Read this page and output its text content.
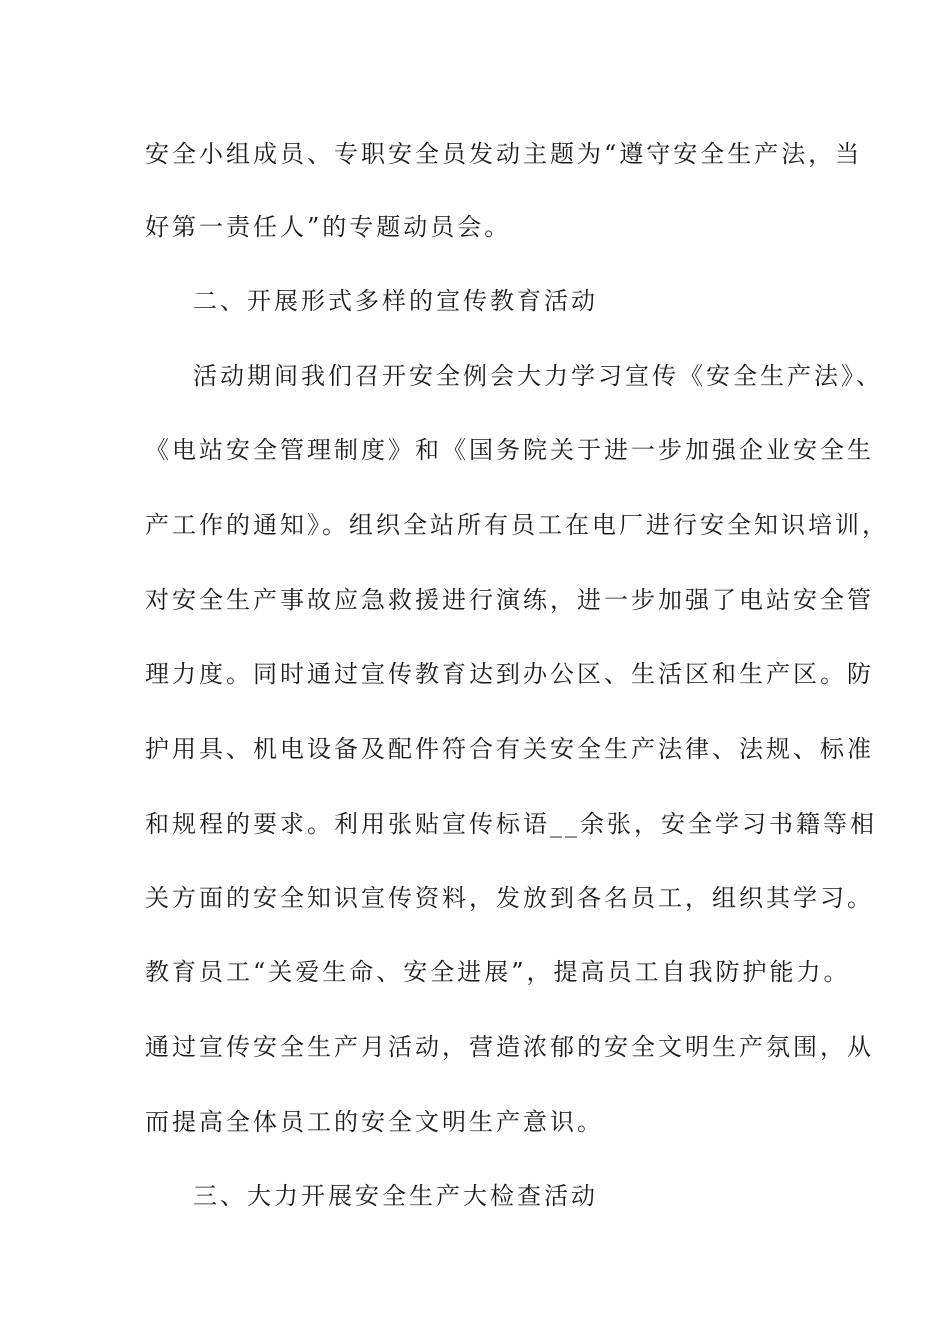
安全小组成员、专职安全员发动主题为“遵守安全生产法，当
好第一责任人”的专题动员会。
二、开展形式多样的宣传教育活动
活动期间我们召开安全例会大力学习宣传《安全生产法》、
《电站安全管理制度》和《国务院关于进一步加强企业安全生
产工作的通知》。组织全站所有员工在电厂进行安全知识培训，
对安全生产事故应急救援进行演练，进一步加强了电站安全管
理力度。同时通过宣传教育达到办公区、生活区和生产区。防
护用具、机电设备及配件符合有关安全生产法律、法规、标准
和规程的要求。利用张贴宣传标语__余张，安全学习书籍等相
关方面的安全知识宣传资料，发放到各名员工，组织其学习。
教育员工“关爱生命、安全进展”，提高员工自我防护能力。
通过宣传安全生产月活动，营造浓郁的安全文明生产氛围，从
而提高全体员工的安全文明生产意识。
三、大力开展安全生产大检查活动
